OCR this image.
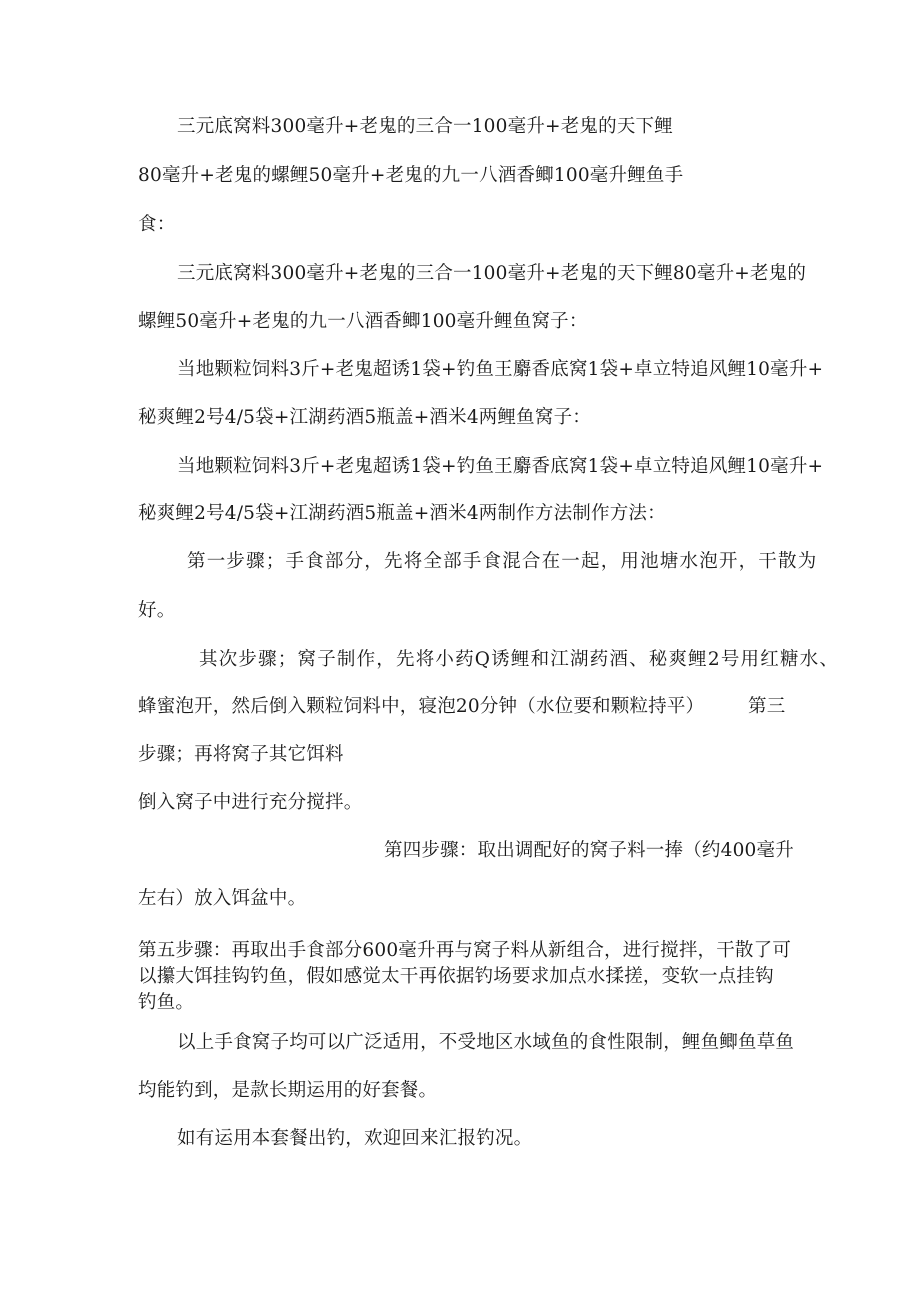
三元底窝料300毫升+老鬼的三合一100毫升+老鬼的天下鲤
80毫升+老鬼的螺鲤50毫升+老鬼的九一八酒香鲫100毫升鲤鱼手
食：
三元底窝料300毫升+老鬼的三合一100毫升+老鬼的天下鲤80毫升+老鬼的
螺鲤50毫升+老鬼的九一八酒香鲫100毫升鲤鱼窝子：
当地颗粒饲料3斤+老鬼超诱1袋+钓鱼王麝香底窝1袋+卓立特追风鲤10毫升+
秘爽鲤2号4/5袋+江湖药酒5瓶盖+酒米4两鲤鱼窝子：
当地颗粒饲料3斤+老鬼超诱1袋+钓鱼王麝香底窝1袋+卓立特追风鲤10毫升+
秘爽鲤2号4/5袋+江湖药酒5瓶盖+酒米4两制作方法制作方法：
第一步骤；手食部分，先将全部手食混合在一起，用池塘水泡开，干散为
好。
其次步骤；窝子制作，先将小药Q诱鲤和江湖药酒、秘爽鲤2号用红糖水、
蜂蜜泡开，然后倒入颗粒饲料中，寝泡20分钟（水位要和颗粒持平） 第三
步骤；再将窝子其它饵料
倒入窝子中进行充分搅拌。
第四步骤：取出调配好的窝子料一捧（约400毫升
左右）放入饵盆中。
第五步骤：再取出手食部分600毫升再与窝子料从新组合，进行搅拌，干散了可
以攥大饵挂钩钓鱼，假如感觉太干再依据钓场要求加点水揉搓，变软一点挂钩
钓鱼。
以上手食窝子均可以广泛适用，不受地区水域鱼的食性限制，鲤鱼鲫鱼草鱼
均能钓到，是款长期运用的好套餐。
如有运用本套餐出钓，欢迎回来汇报钓况。
